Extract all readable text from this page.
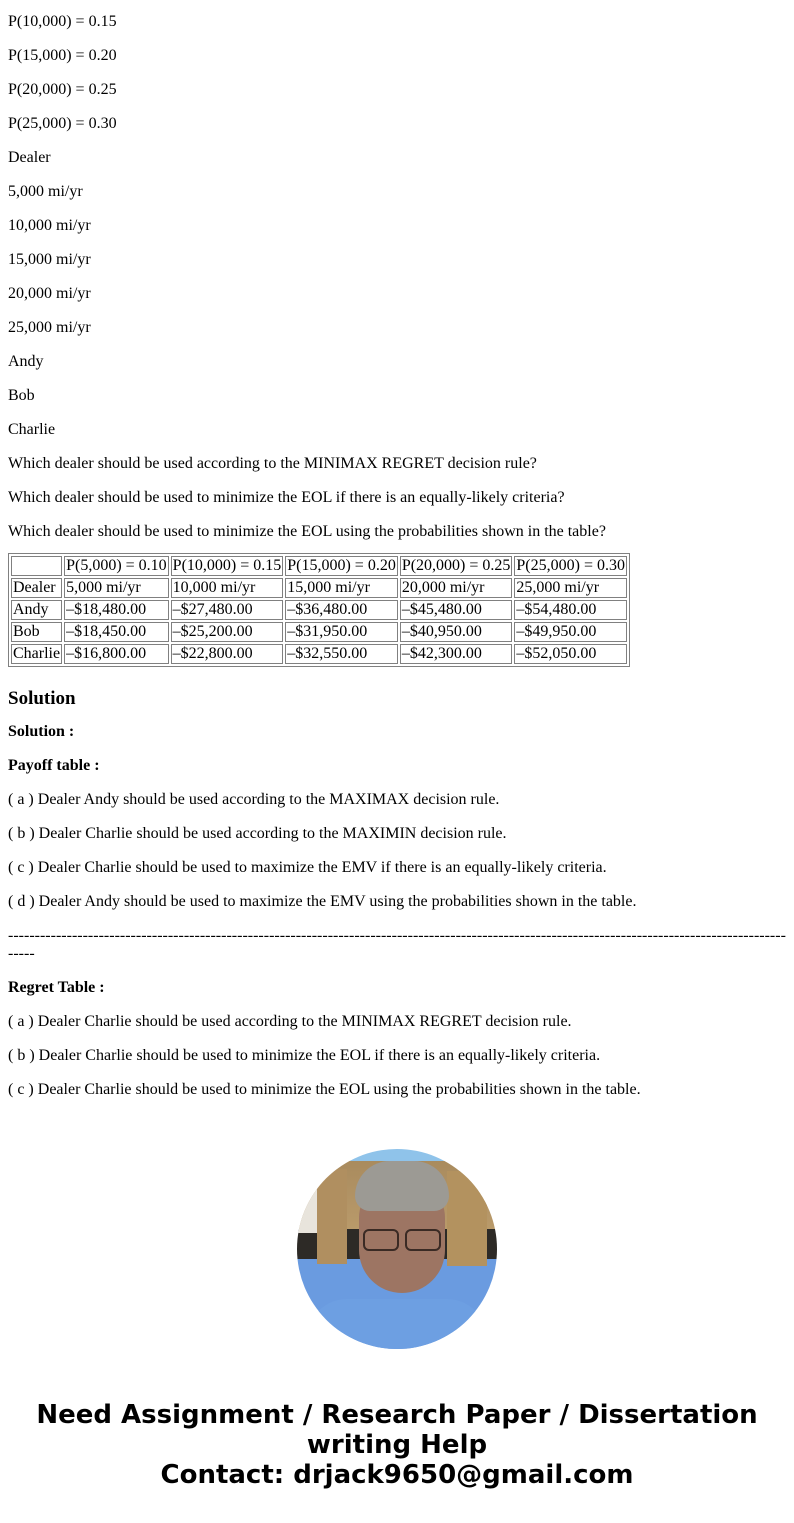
P(10,000) = 0.15

P(15,000) = 0.20

P(20,000) = 0.25

P(25,000) = 0.30

Dealer

5,000 mi/yr

10,000 mi/yr

15,000 mi/yr

20,000 mi/yr

25,000 mi/yr

Andy

Bob

Charlie

Which dealer should be used according to the MINIMAX REGRET decision rule?

Which dealer should be used to minimize the EOL if there is an equally-likely criteria?

Which dealer should be used to minimize the EOL using the probabilities shown in the table?

	P(5,000) = 0.10	P(10,000) = 0.15	P(15,000) = 0.20	P(20,000) = 0.25	P(25,000) = 0.30
Dealer	5,000 mi/yr	10,000 mi/yr	15,000 mi/yr	20,000 mi/yr	25,000 mi/yr
Andy	–$18,480.00	–$27,480.00	–$36,480.00	–$45,480.00	–$54,480.00
Bob	–$18,450.00	–$25,200.00	–$31,950.00	–$40,950.00	–$49,950.00
Charlie	–$16,800.00	–$22,800.00	–$32,550.00	–$42,300.00	–$52,050.00
Solution

Solution :

Payoff table :

( a ) Dealer Andy should be used according to the MAXIMAX decision rule.

( b ) Dealer Charlie should be used according to the MAXIMIN decision rule.

( c ) Dealer Charlie should be used to maximize the EMV if there is an equally-likely criteria.

( d ) Dealer Andy should be used to maximize the EMV using the probabilities shown in the table.

-------------------------------------------------------------------------------------------------------------------------------------------------------

Regret Table :

( a ) Dealer Charlie should be used according to the MINIMAX REGRET decision rule.

( b ) Dealer Charlie should be used to minimize the EOL if there is an equally-likely criteria.

( c ) Dealer Charlie should be used to minimize the EOL using the probabilities shown in the table.

Need Assignment / Research Paper / Dissertation
writing Help
Contact: drjack9650@gmail.com
